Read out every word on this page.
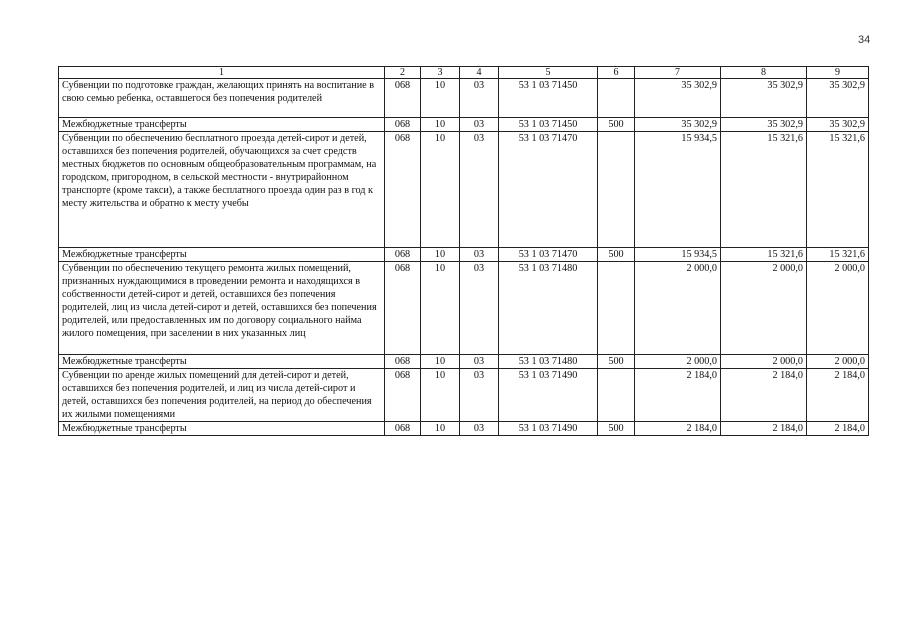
34
1	2	3	4	5	6	7	8	9
Субвенции по подготовке граждан, желающих принять на воспитание в свою семью ребенка, оставшегося без попечения родителей	068	10	03	53 1 03 71450		35 302,9	35 302,9	35 302,9
Межбюджетные трансферты	068	10	03	53 1 03 71450	500	35 302,9	35 302,9	35 302,9
Субвенции по обеспечению бесплатного проезда детей-сирот и детей, оставшихся без попечения родителей, обучающихся за счет средств местных бюджетов по основным общеобразовательным программам, на городском, пригородном, в сельской местности - внутрирайонном транспорте (кроме такси), а также бесплатного проезда один раз в год к месту жительства и обратно к месту учебы	068	10	03	53 1 03 71470		15 934,5	15 321,6	15 321,6
Межбюджетные трансферты	068	10	03	53 1 03 71470	500	15 934,5	15 321,6	15 321,6
Субвенции по обеспечению текущего ремонта жилых помещений, признанных нуждающимися в проведении ремонта и находящихся в собственности детей-сирот и детей, оставшихся без попечения родителей, лиц из числа детей-сирот и детей, оставшихся без попечения родителей, или предоставленных им по договору социального найма жилого помещения, при заселении в них указанных лиц	068	10	03	53 1 03 71480		2 000,0	2 000,0	2 000,0
Межбюджетные трансферты	068	10	03	53 1 03 71480	500	2 000,0	2 000,0	2 000,0
Субвенции по аренде жилых помещений для детей-сирот и детей, оставшихся без попечения родителей, и лиц из числа детей-сирот и детей, оставшихся без попечения родителей, на период до обеспечения их жилыми помещениями	068	10	03	53 1 03 71490		2 184,0	2 184,0	2 184,0
Межбюджетные трансферты	068	10	03	53 1 03 71490	500	2 184,0	2 184,0	2 184,0
